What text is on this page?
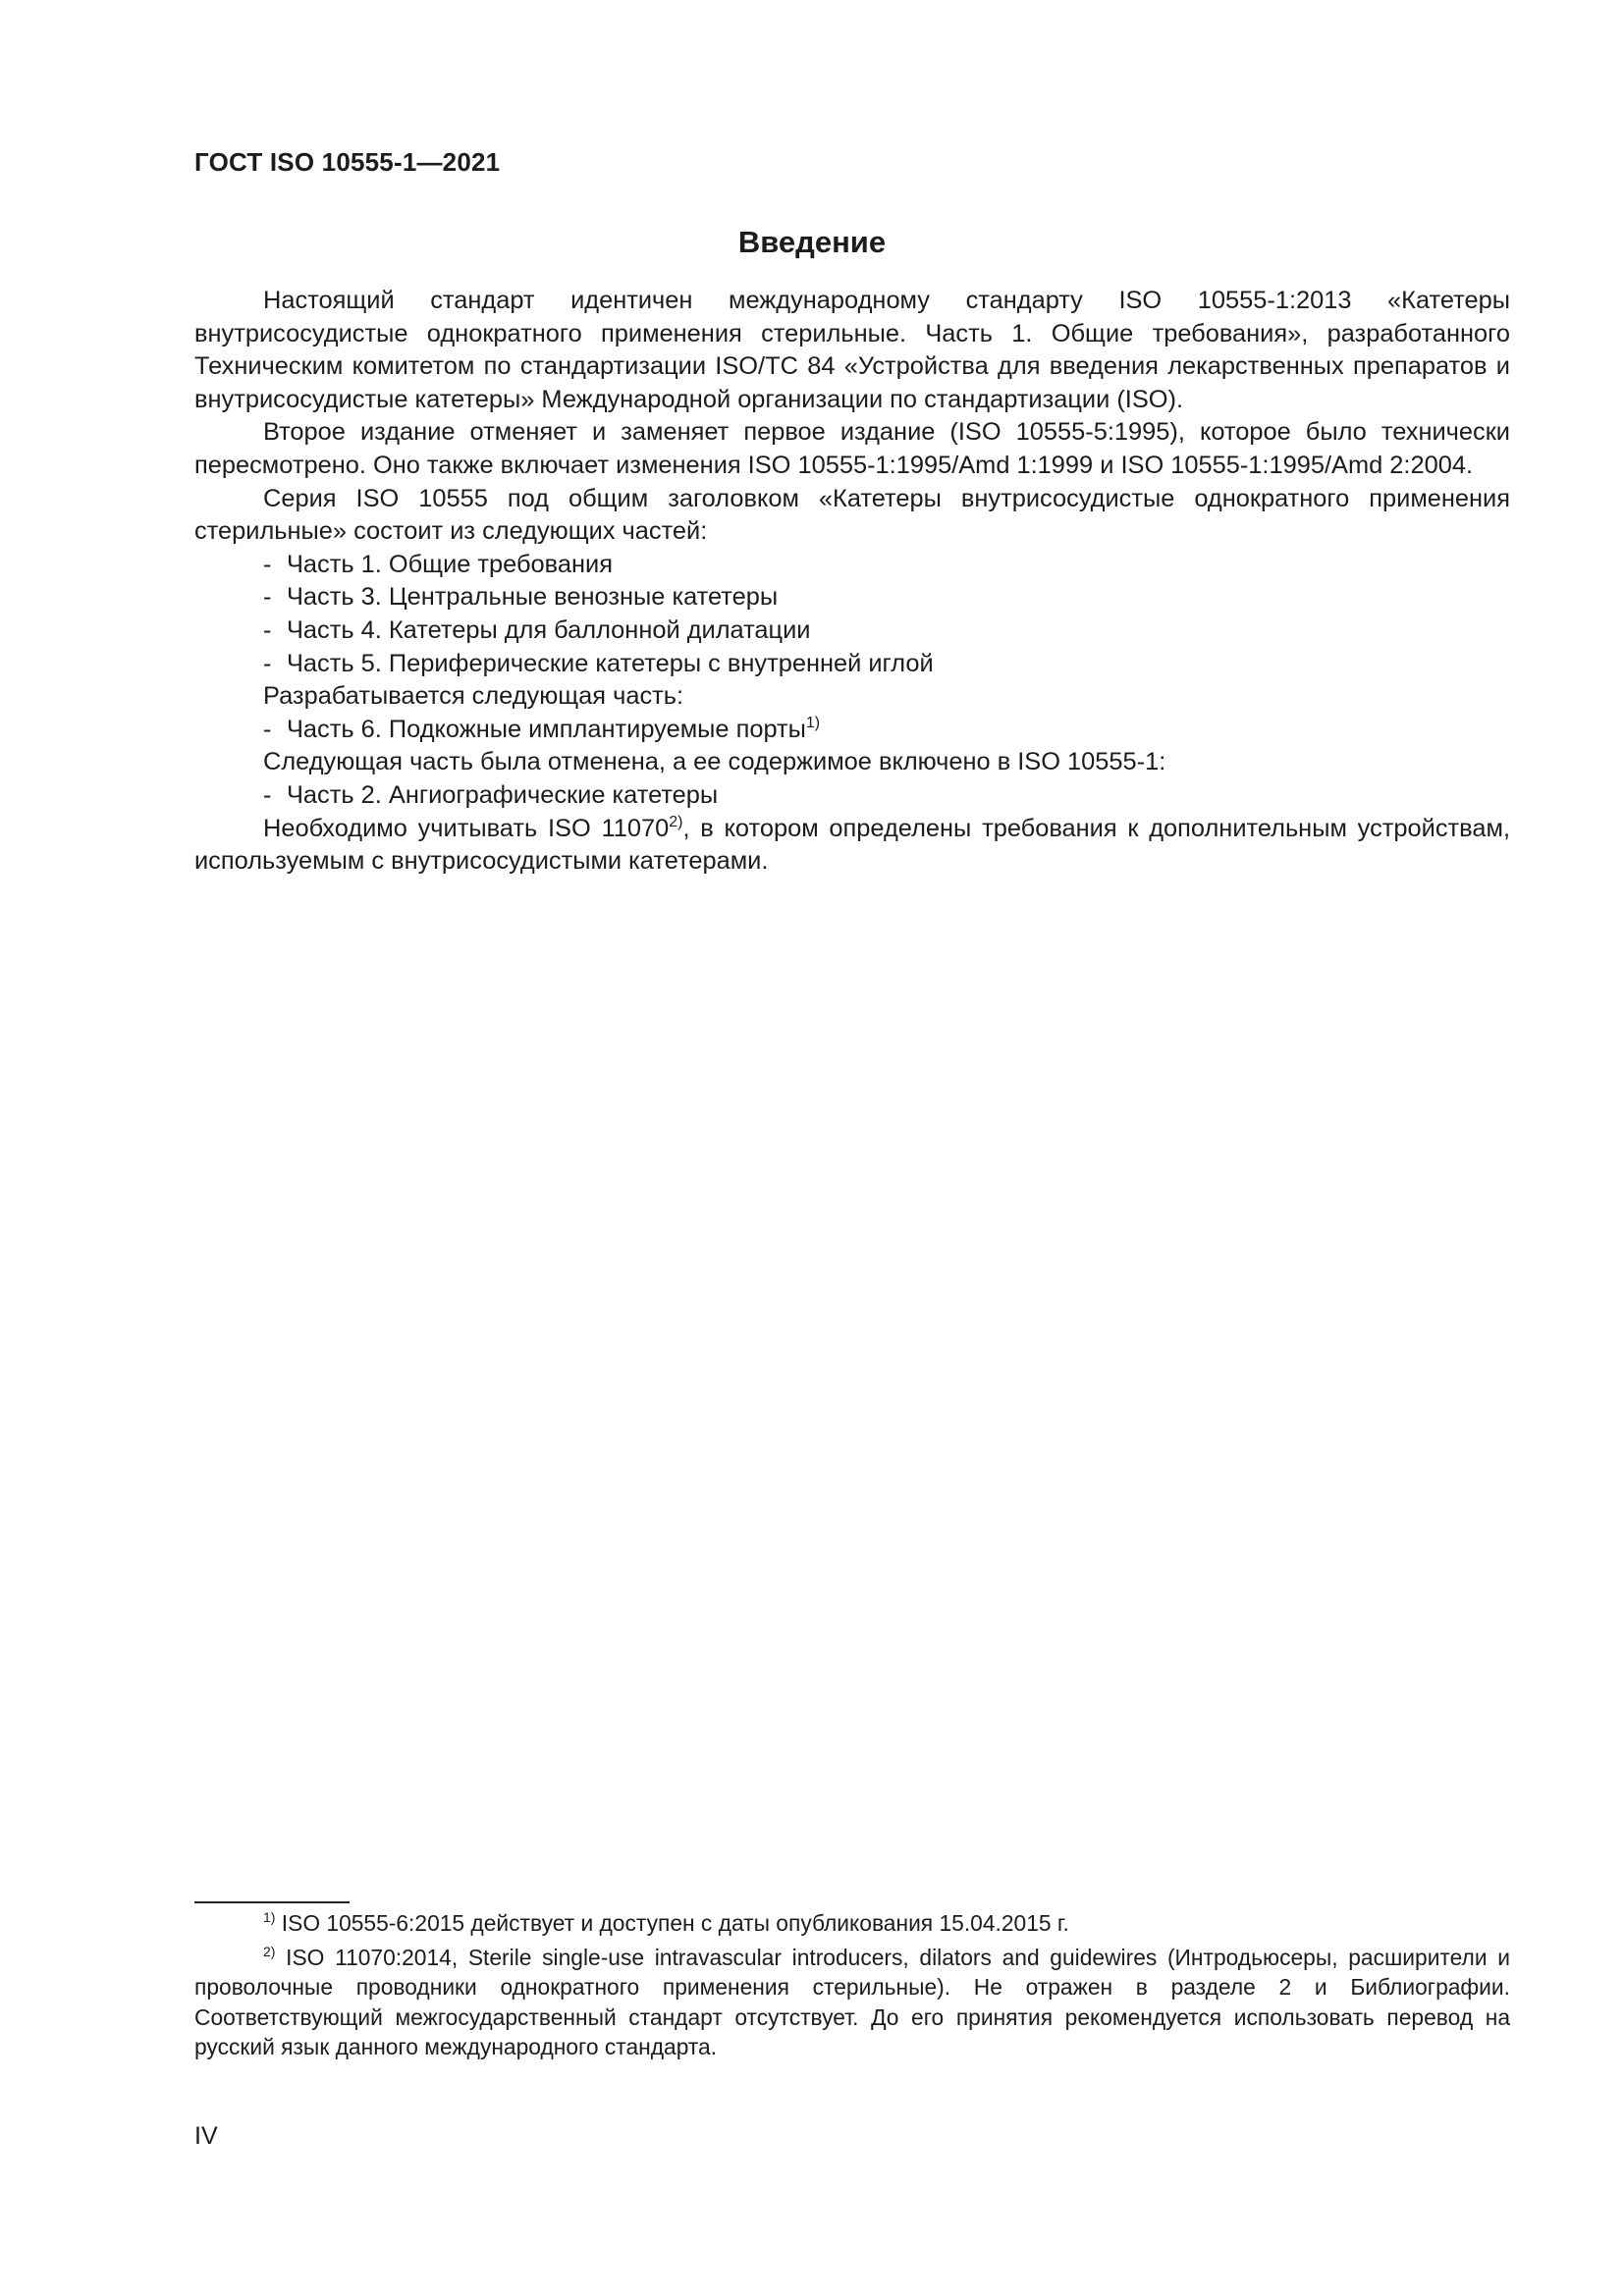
ГОСТ ISO 10555-1—2021
Введение

Настоящий стандарт идентичен международному стандарту ISO 10555-1:2013 «Катетеры внутрисосудистые однократного применения стерильные. Часть 1. Общие требования», разработанного Техническим комитетом по стандартизации ISO/TC 84 «Устройства для введения лекарственных препаратов и внутрисосудистые катетеры» Международной организации по стандартизации (ISO).

Второе издание отменяет и заменяет первое издание (ISO 10555-5:1995), которое было технически пересмотрено. Оно также включает изменения ISO 10555-1:1995/Amd 1:1999 и ISO 10555-1:1995/Amd 2:2004.

Серия ISO 10555 под общим заголовком «Катетеры внутрисосудистые однократного применения стерильные» состоит из следующих частей:

- Часть 1. Общие требования

- Часть 3. Центральные венозные катетеры

- Часть 4. Катетеры для баллонной дилатации

- Часть 5. Периферические катетеры с внутренней иглой

Разрабатывается следующая часть:

- Часть 6. Подкожные имплантируемые порты$^{1)}$

Следующая часть была отменена, а ее содержимое включено в ISO 10555-1:

- Часть 2. Ангиографические катетеры

Необходимо учитывать ISO 11070$^{2)}$, в котором определены требования к дополнительным устройствам, используемым с внутрисосудистыми катетерами.

$^{1)}$ ISO 10555-6:2015 действует и доступен с даты опубликования 15.04.2015 г.

$^{2)}$ ISO 11070:2014, Sterile single-use intravascular introducers, dilators and guidewires (Интродьюсеры, расширители и проволочные проводники однократного применения стерильные). Не отражен в разделе 2 и Библиографии. Соответствующий межгосударственный стандарт отсутствует. До его принятия рекомендуется использовать перевод на русский язык данного международного стандарта.

IV
